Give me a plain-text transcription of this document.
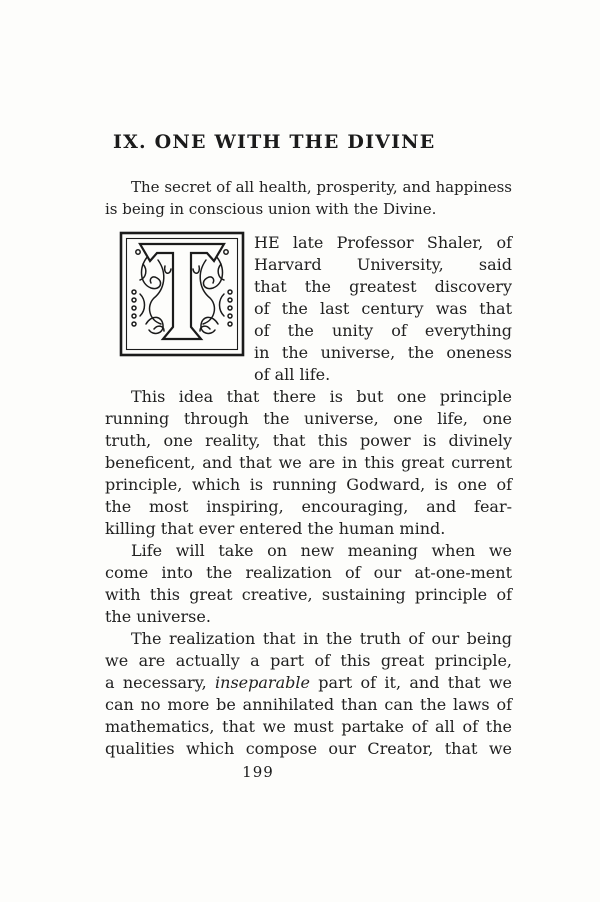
IX. ONE WITH THE DIVINE
The secret of all health, prosperity, and happiness
is being in conscious union with the Divine.
HE late Professor Shaler, of
Harvard University, said
that the greatest discovery
of the last century was that
of the unity of everything
in the universe, the oneness
of all life.
This idea that there is but one principle
running through the universe, one life, one
truth, one reality, that this power is divinely
beneficent, and that we are in this great current
principle, which is running Godward, is one of
the most inspiring, encouraging, and fear-
killing that ever entered the human mind.
Life will take on new meaning when we
come into the realization of our at-one-ment
with this great creative, sustaining principle of
the universe.
The realization that in the truth of our being
we are actually a part of this great principle,
a necessary, inseparable part of it, and that we
can no more be annihilated than can the laws of
mathematics, that we must partake of all of the
qualities which compose our Creator, that we
199
